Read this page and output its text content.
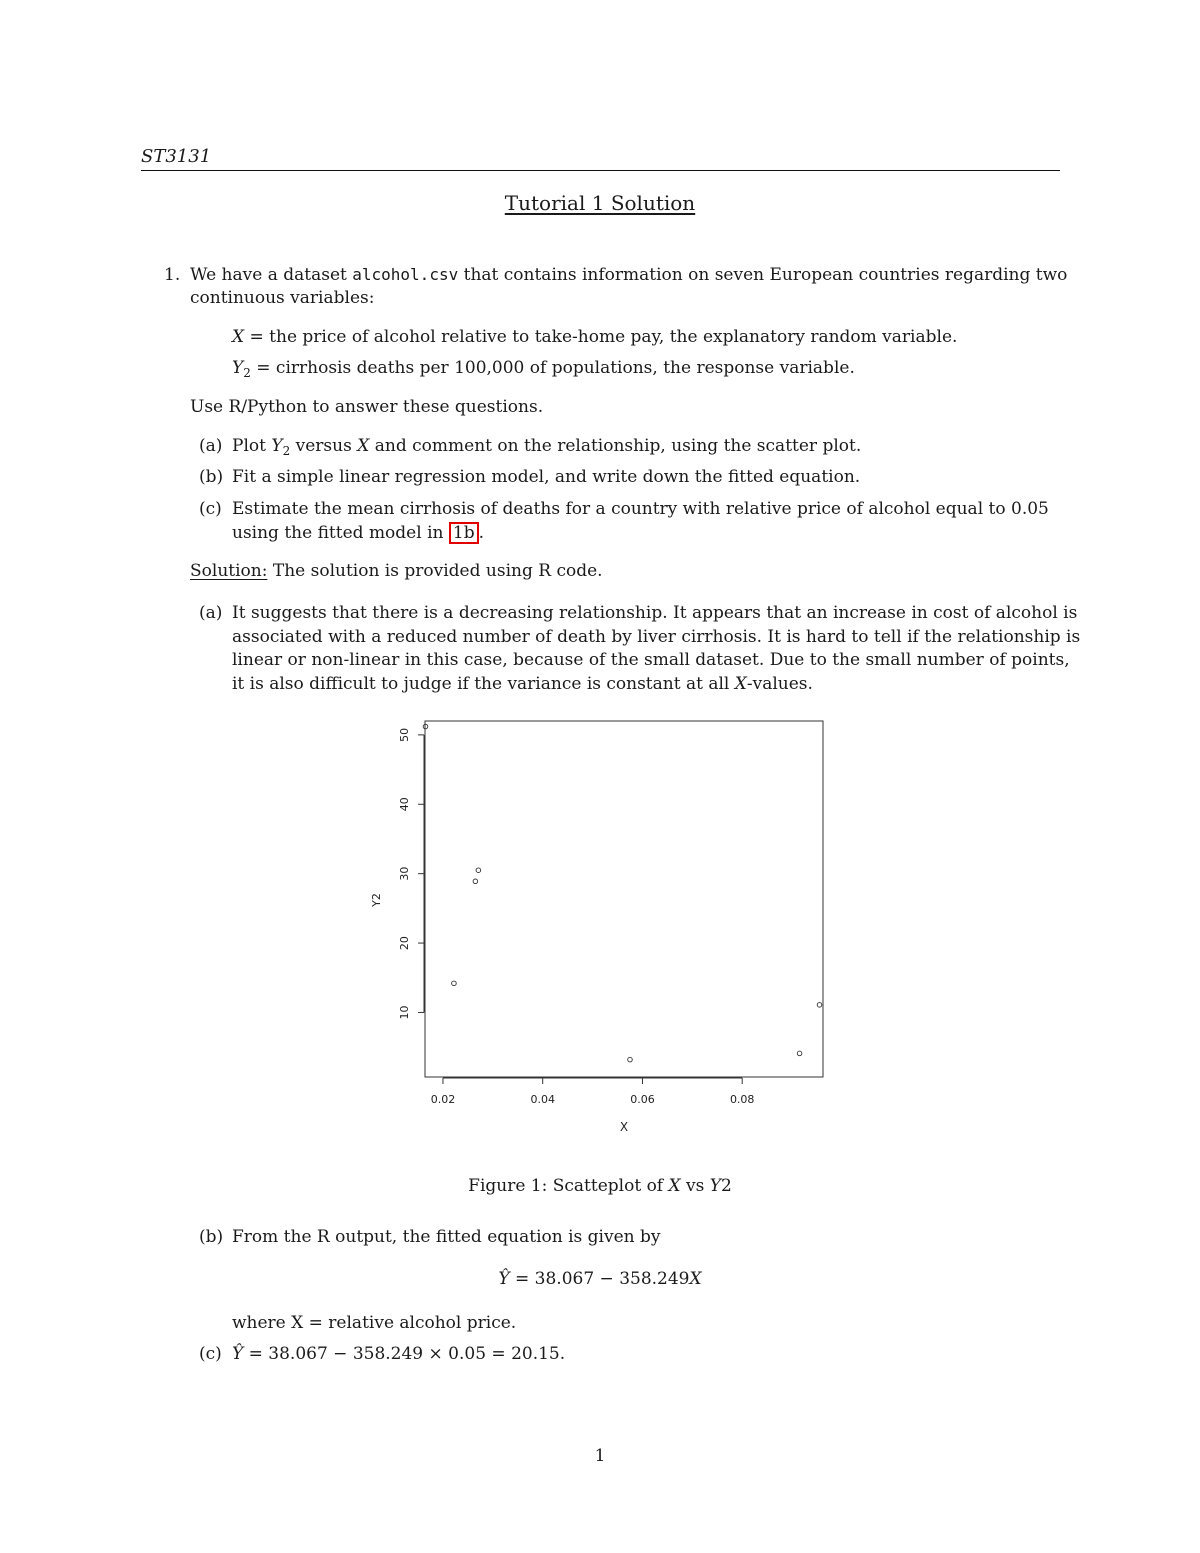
ST3131
Tutorial 1 Solution
1. We have a dataset alcohol.csv that contains information on seven European countries regarding two
continuous variables:
X = the price of alcohol relative to take-home pay, the explanatory random variable.
$Y_2$ = cirrhosis deaths per 100,000 of populations, the response variable.
Use R/Python to answer these questions.
(a) Plot $Y_2$ versus X and comment on the relationship, using the scatter plot.
(b) Fit a simple linear regression model, and write down the fitted equation.
(c) Estimate the mean cirrhosis of deaths for a country with relative price of alcohol equal to 0.05
using the fitted model in 1b .
Solution: The solution is provided using R code.
(a) It suggests that there is a decreasing relationship. It appears that an increase in cost of alcohol is
associated with a reduced number of death by liver cirrhosis. It is hard to tell if the relationship is
linear or non-linear in this case, because of the small dataset. Due to the small number of points,
it is also difficult to judge if the variance is constant at all X-values.
0.02	0.04	0.06	0.08
10
20
30
40
50
X
Y2
Figure 1: Scatteplot of X vs Y2
(b) From the R output, the fitted equation is given by
Ŷ = 38.067 − 358.249X
where X = relative alcohol price.
(c) Ŷ = 38.067 − 358.249 × 0.05 = 20.15.
1
